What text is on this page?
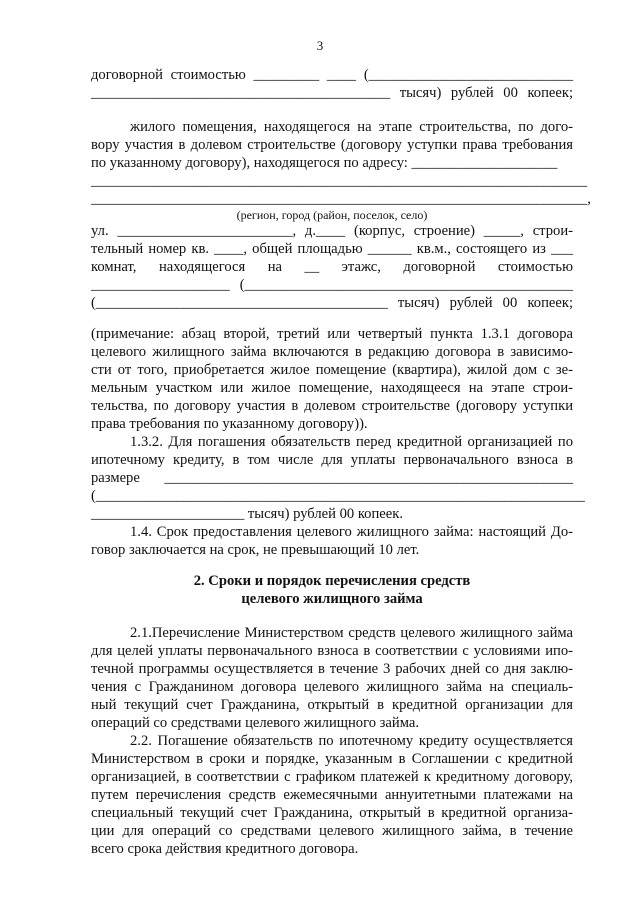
3
договорной стоимостью _________ ____ (____________________________
_________________________________________ тысяч) рублей 00 копеек;
жилого помещения, находящегося на этапе строительства, по дого-
вору участия в долевом строительстве (договору уступки права требования
по указанному договору), находящегося по адресу: ____________________
____________________________________________________________________
____________________________________________________________________,
(регион, город (район, поселок, село)
ул. ________________________, д.____ (корпус, строение) _____, строи-
тельный номер кв. ____, общей площадью ______ кв.м., состоящего из ___
комнат, находящегося на __ этажс, договорной стоимостью
___________________ (_____________________________________________
(________________________________________ тысяч) рублей 00 копеек;
(примечание: абзац второй, третий или четвертый пункта 1.3.1 договора
целевого жилищного займа включаются в редакцию договора в зависимо-
сти от того, приобретается жилое помещение (квартира), жилой дом с зе-
мельным участком или жилое помещение, находящееся на этапе строи-
тельства, по договору участия в долевом строительстве (договору уступки
права требования по указанному договору)).
1.3.2. Для погашения обязательств перед кредитной организацией по
ипотечному кредиту, в том числе для уплаты первоначального взноса в
размере ________________________________________________________
(___________________________________________________________________
_____________________ тысяч) рублей 00 копеек.
1.4. Срок предоставления целевого жилищного займа: настоящий До-
говор заключается на срок, не превышающий 10 лет.
2. Сроки и порядок перечисления средств
целевого жилищного займа
2.1.Перечисление Министерством средств целевого жилищного займа
для целей уплаты первоначального взноса в соответствии с условиями ипо-
течной программы осуществляется в течение 3 рабочих дней со дня заклю-
чения с Гражданином договора целевого жилищного займа на специаль-
ный текущий счет Гражданина, открытый в кредитной организации для
операций со средствами целевого жилищного займа.
2.2. Погашение обязательств по ипотечному кредиту осуществляется
Министерством в сроки и порядке, указанным в Соглашении с кредитной
организацией, в соответствии с графиком платежей к кредитному договору,
путем перечисления средств ежемесячными аннуитетными платежами на
специальный текущий счет Гражданина, открытый в кредитной организа-
ции для операций со средствами целевого жилищного займа, в течение
всего срока действия кредитного договора.
